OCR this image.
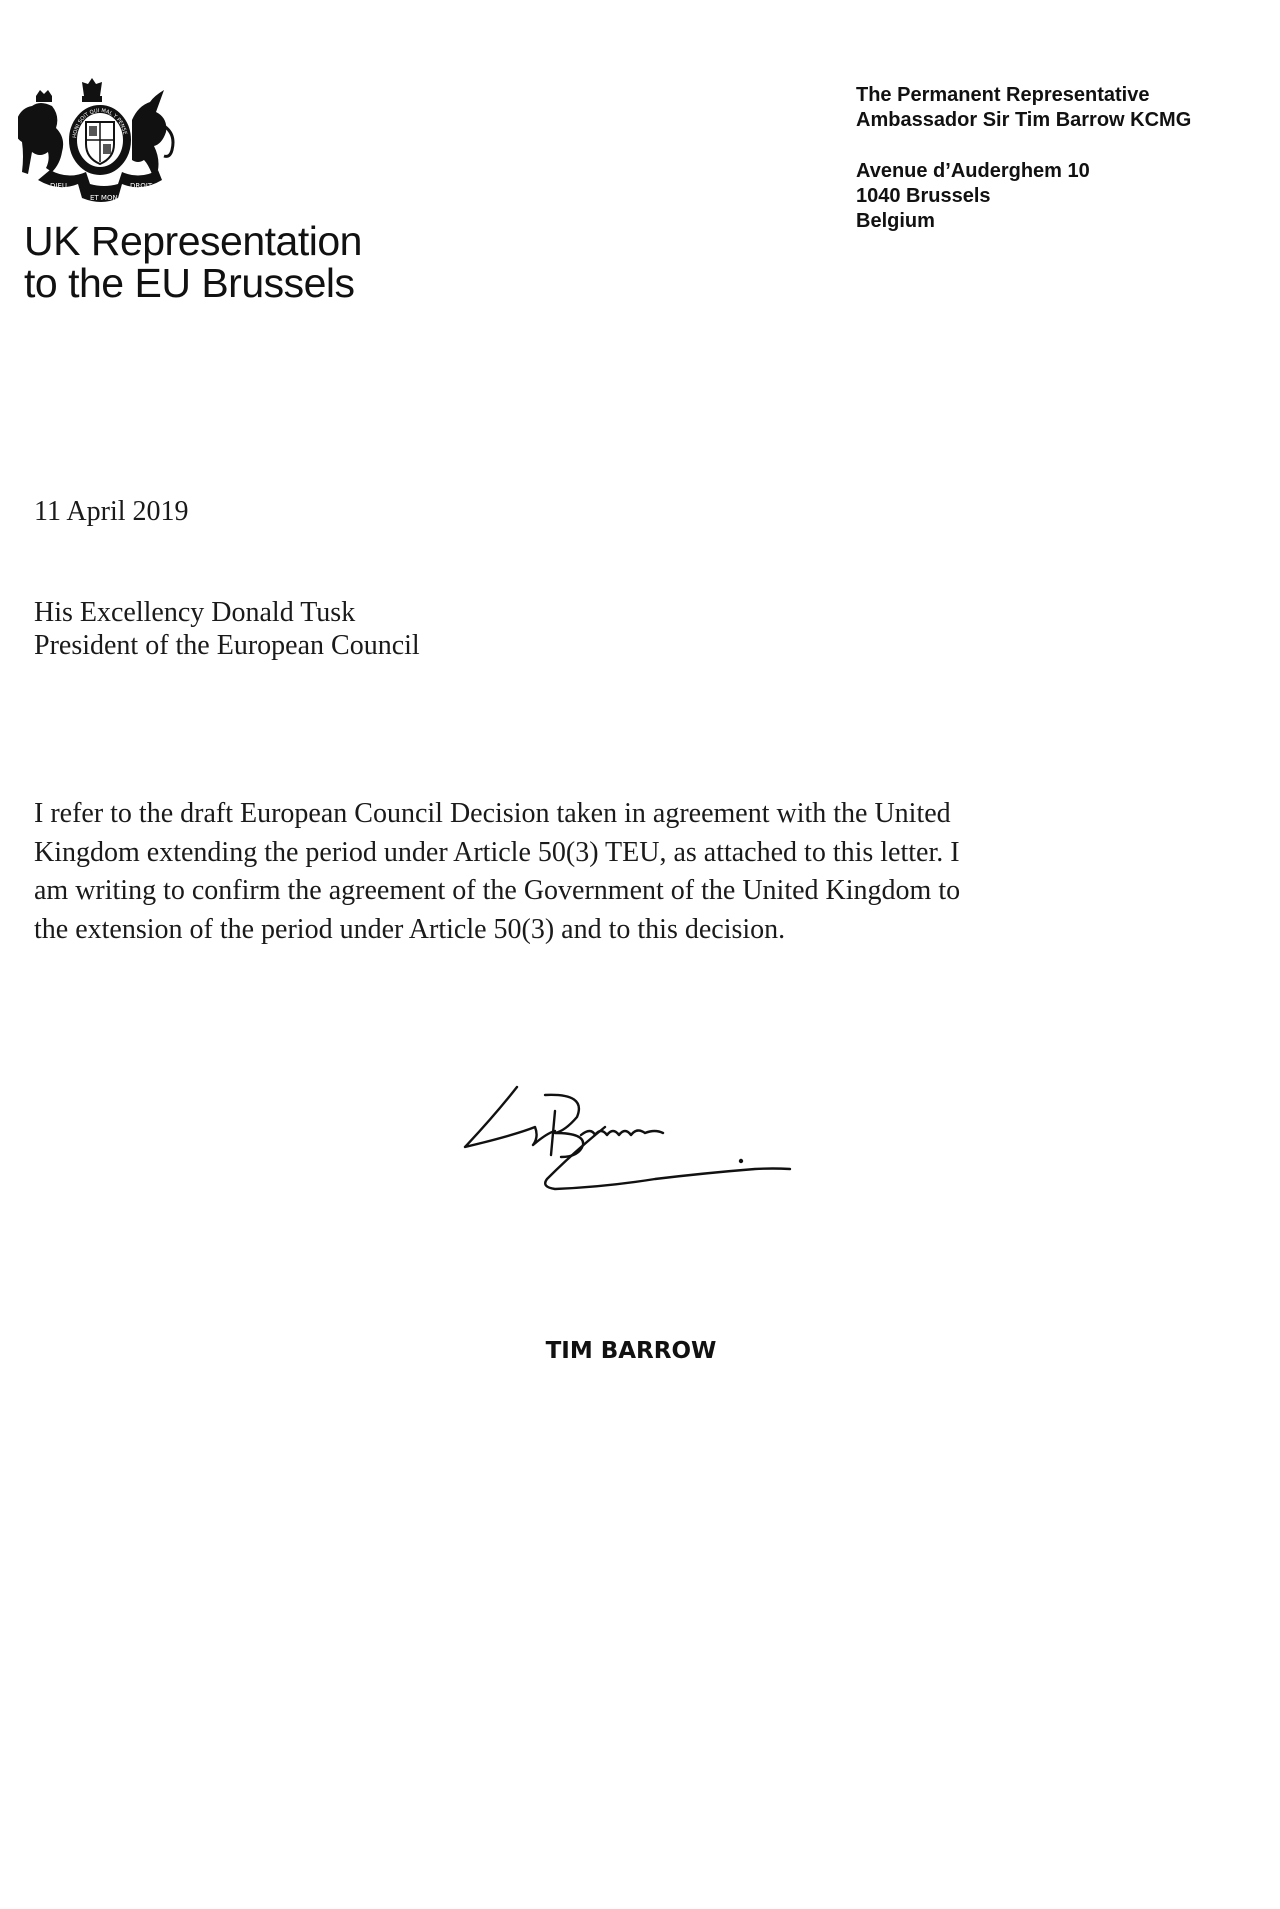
HONI SOIT QUI MAL Y PENSE
DIEU
ET MON
DROIT
UK Representation
to the EU Brussels
The Permanent Representative
Ambassador Sir Tim Barrow KCMG
Avenue d’Auderghem 10
1040 Brussels
Belgium
11 April 2019
His Excellency Donald Tusk
President of the European Council
I refer to the draft European Council Decision taken in agreement with the United
Kingdom extending the period under Article 50(3) TEU, as attached to this letter. I
am writing to confirm the agreement of the Government of the United Kingdom to
the extension of the period under Article 50(3) and to this decision.
TIM BARROW
